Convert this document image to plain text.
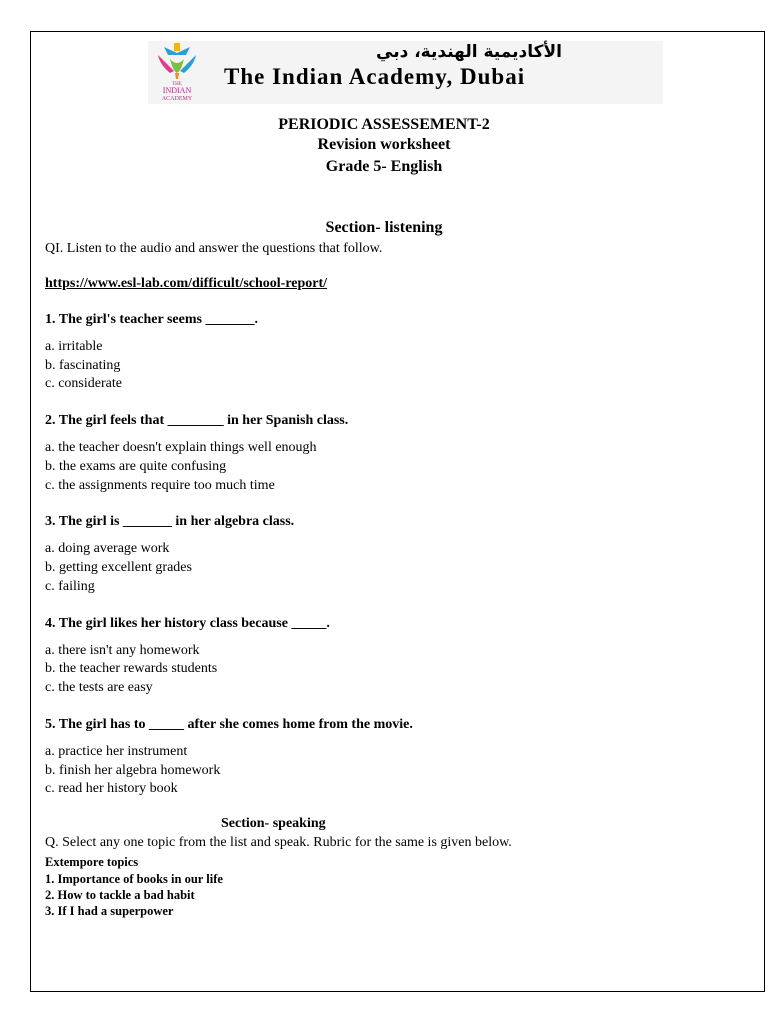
THE
INDIAN
ACADEMY
الأكاديمية الهندية، دبي
The Indian Academy, Dubai
PERIODIC ASSESSEMENT-2
Revision worksheet
Grade 5- English
Section- listening
QI. Listen to the audio and answer the questions that follow.
https://www.esl-lab.com/difficult/school-report/
1. The girl's teacher seems _______.
a. irritable
b. fascinating
c. considerate
2. The girl feels that ________ in her Spanish class.
a. the teacher doesn't explain things well enough
b. the exams are quite confusing
c. the assignments require too much time
3. The girl is _______ in her algebra class.
a. doing average work
b. getting excellent grades
c. failing
4. The girl likes her history class because _____.
a. there isn't any homework
b. the teacher rewards students
c. the tests are easy
5. The girl has to _____ after she comes home from the movie.
a. practice her instrument
b. finish her algebra homework
c. read her history book
Section- speaking
Q. Select any one topic from the list and speak. Rubric for the same is given below.
Extempore topics
1. Importance of books in our life
2. How to tackle a bad habit
3. If I had a superpower
